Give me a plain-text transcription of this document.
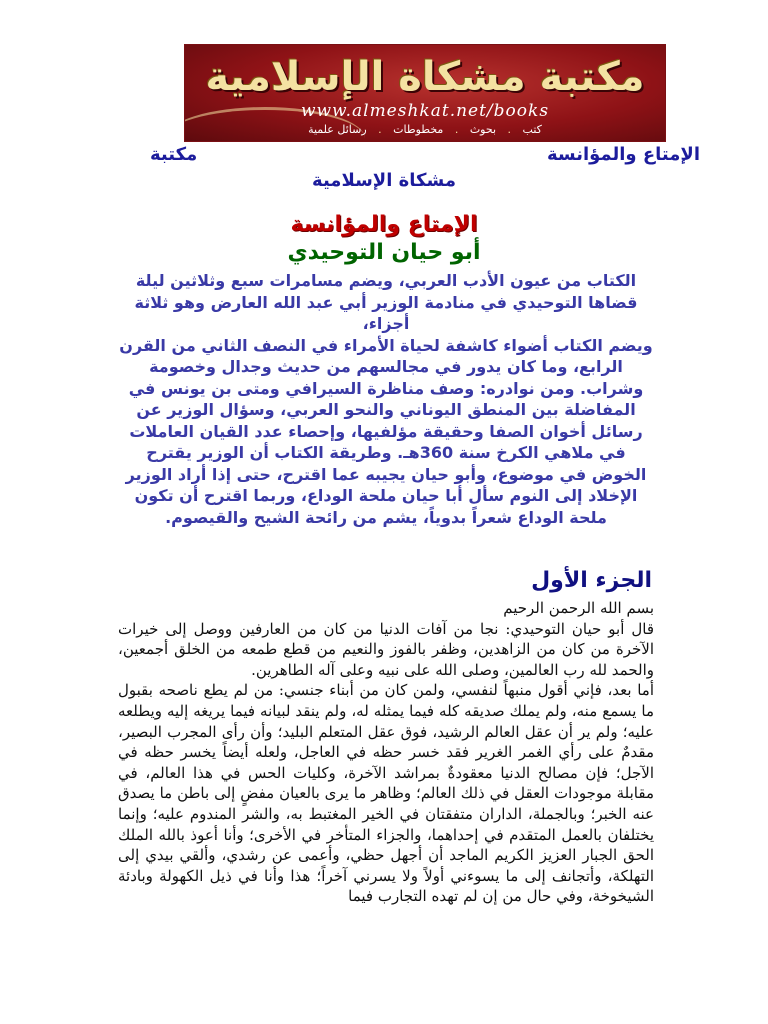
مكتبة مشكاة الإسلامية
www.almeshkat.net/books
كتب . بحوث . مخطوطات . رسائل علمية
الإمتاع والمؤانسة
مكتبة
مشكاة الإسلامية
الإمتاع والمؤانسة
أبو حيان التوحيدي

الكتاب من عيون الأدب العربي، ويضم مسامرات سبع وثلاثين ليلة قضاها التوحيدي في منادمة الوزير أبي عبد الله العارض وهو ثلاثة أجزاء،

ويضم الكتاب أضواء كاشفة لحياة الأمراء في النصف الثاني من القرن الرابع، وما كان يدور في مجالسهم من حديث وجدال وخصومة وشراب. ومن نوادره: وصف مناظرة السيرافي ومتى بن يونس في المفاضلة بين المنطق اليوناني والنحو العربي، وسؤال الوزير عن رسائل أخوان الصفا وحقيقة مؤلفيها، وإحصاء عدد القيان العاملات في ملاهي الكرخ سنة 360هـ. وطريقة الكتاب أن الوزير يقترح الخوض في موضوع، وأبو حيان يجيبه عما اقترح، حتى إذا أراد الوزير الإخلاد إلى النوم سأل أبا حيان ملحة الوداع، وربما اقترح أن تكون ملحة الوداع شعراً بدوياً، يشم من رائحة الشيح والقيصوم.

الجزء الأول

بسم الله الرحمن الرحيم

قال أبو حيان التوحيدي: نجا من آفات الدنيا من كان من العارفين ووصل إلى خيرات الآخرة من كان من الزاهدين، وظفر بالفوز والنعيم من قطع طمعه من الخلق أجمعين، والحمد لله رب العالمين، وصلى الله على نبيه وعلى آله الطاهرين.

أما بعد، فإني أقول منبهاً لنفسي، ولمن كان من أبناء جنسي: من لم يطع ناصحه بقبول ما يسمع منه، ولم يملك صديقه كله فيما يمثله له، ولم ينقد لبيانه فيما يريغه إليه ويطلعه عليه؛ ولم ير أن عقل العالم الرشيد، فوق عقل المتعلم البليد؛ وأن رأى المجرب البصير، مقدمٌ على رأي الغمر الغرير فقد خسر حظه في العاجل، ولعله أيضاً يخسر حظه في الآجل؛ فإن مصالح الدنيا معقودةٌ بمراشد الآخرة، وكليات الحس في هذا العالم، في مقابلة موجودات العقل في ذلك العالم؛ وظاهر ما يرى بالعيان مفضٍ إلى باطن ما يصدق عنه الخبر؛ وبالجملة، الداران متفقتان في الخير المغتبط به، والشر المندوم عليه؛ وإنما يختلفان بالعمل المتقدم في إحداهما، والجزاء المتأخر في الأخرى؛ وأنا أعوذ بالله الملك الحق الجبار العزيز الكريم الماجد أن أجهل حظي، وأعمى عن رشدي، وألقي بيدي إلى التهلكة، وأتجانف إلى ما يسوءني أولاً ولا يسرني آخراً؛ هذا وأنا في ذيل الكهولة وبادئة الشيخوخة، وفي حال من إن لم تهده التجارب فيما
